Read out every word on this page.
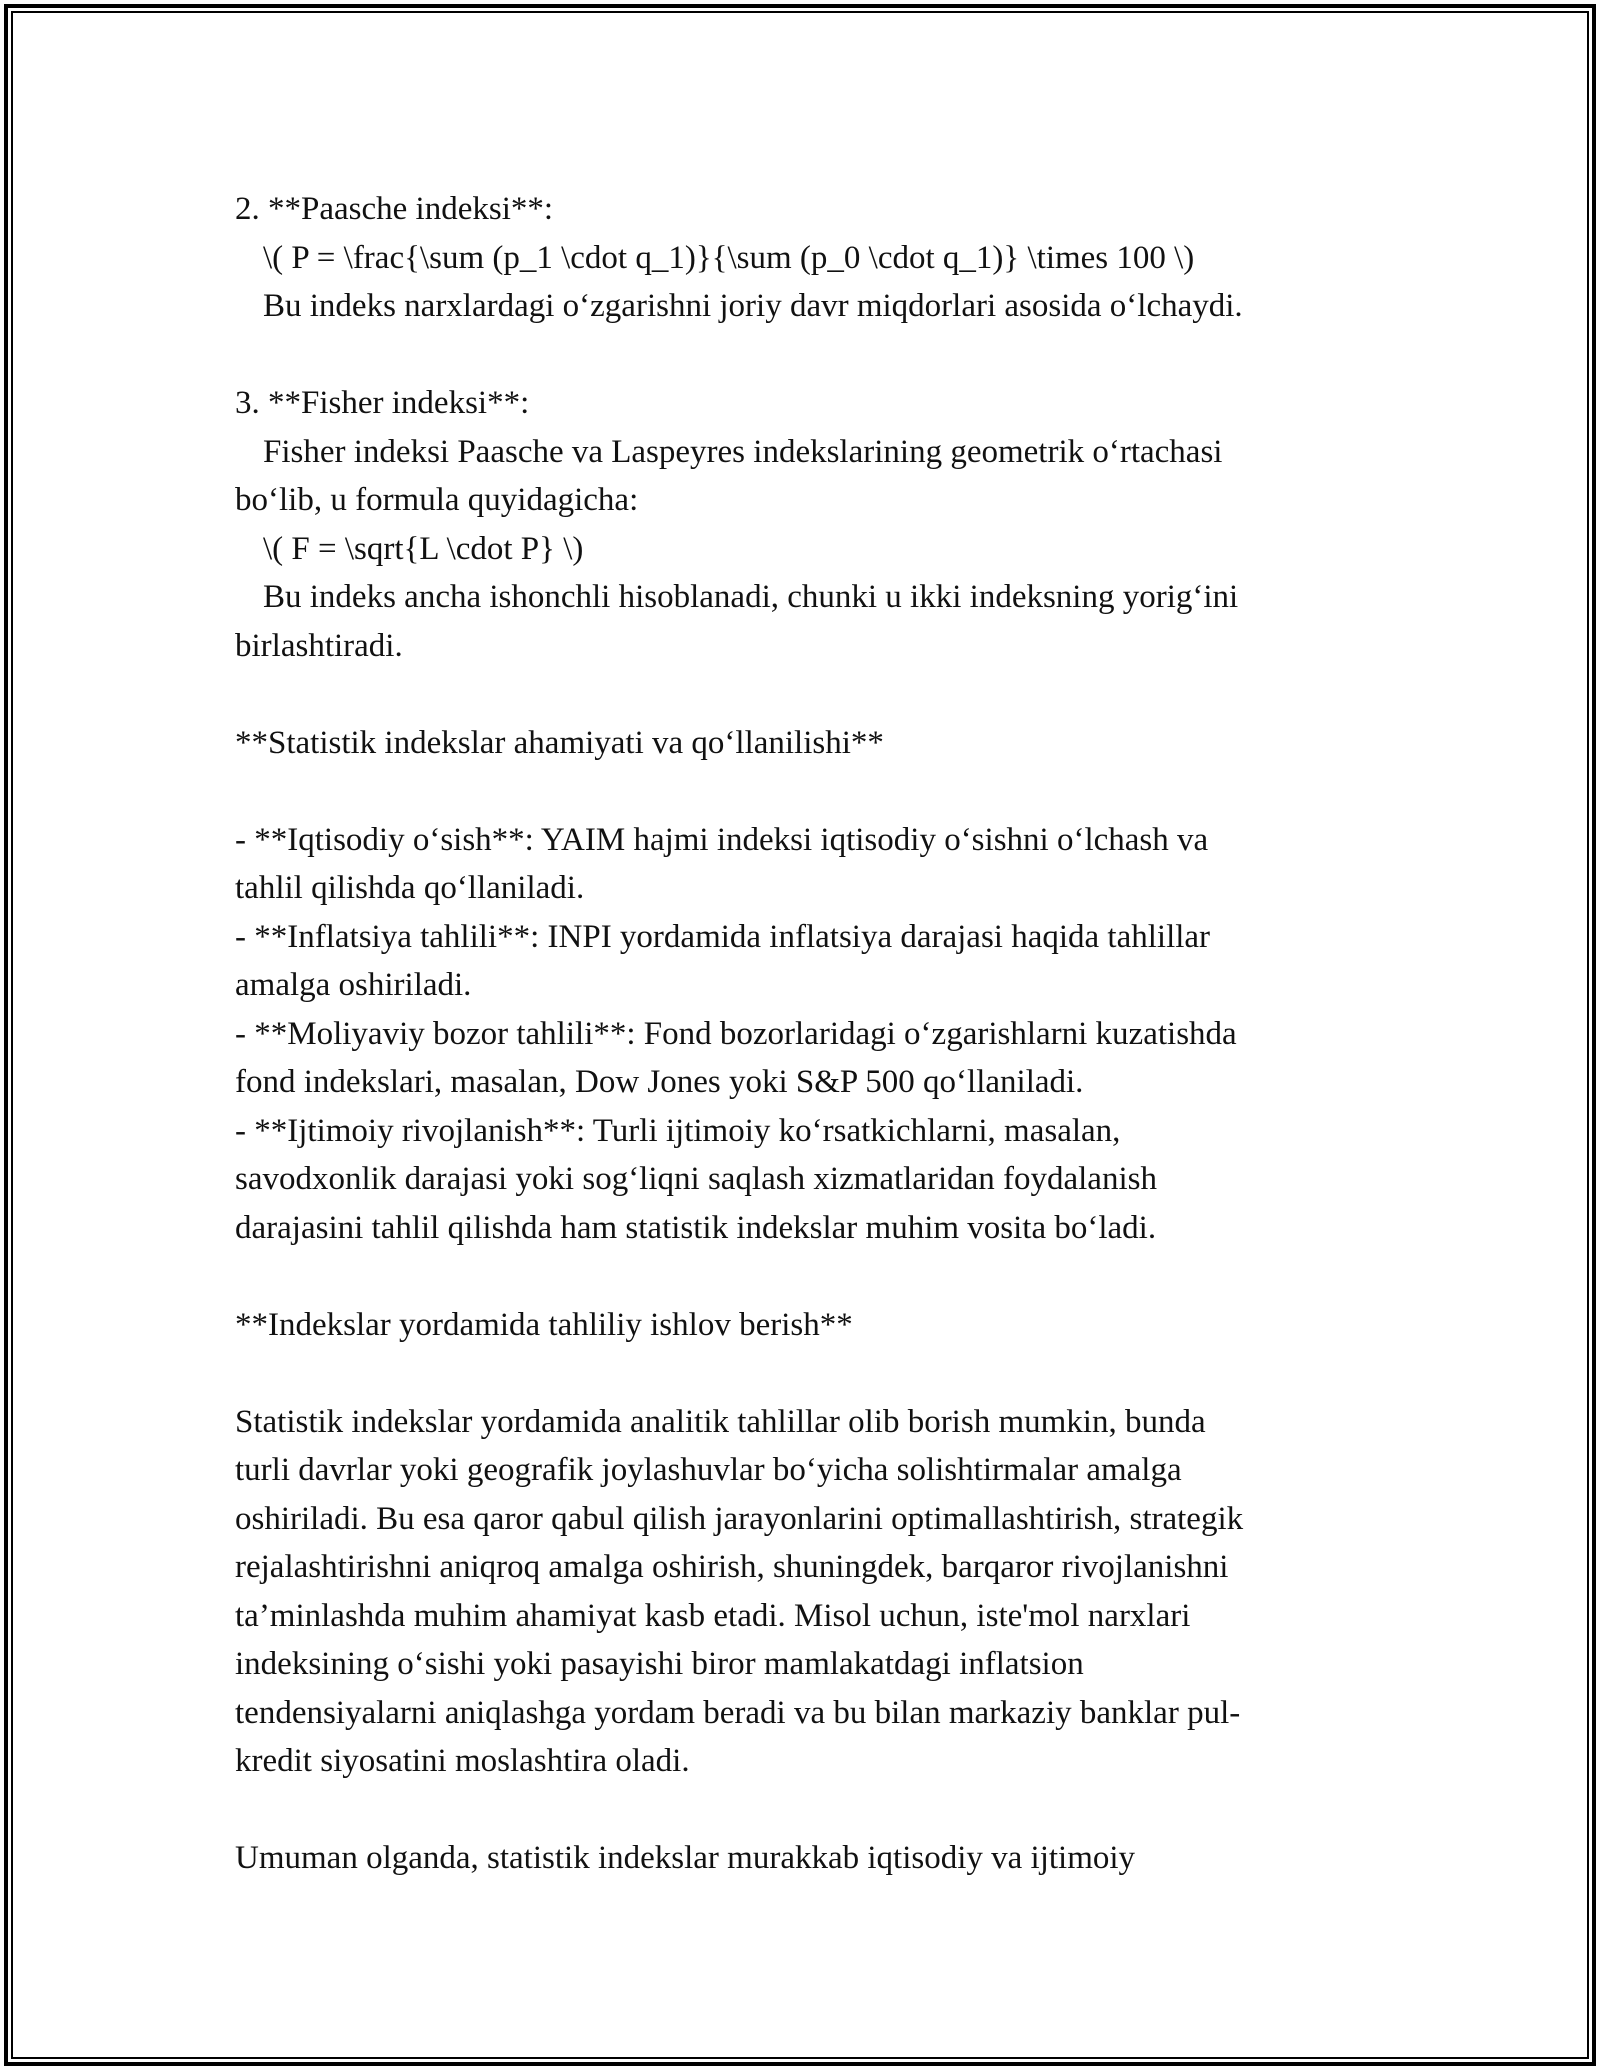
2. **Paasche indeksi**:
\( P = \frac{\sum (p_1 \cdot q_1)}{\sum (p_0 \cdot q_1)} \times 100 \)
Bu indeks narxlardagi o‘zgarishni joriy davr miqdorlari asosida o‘lchaydi.
3. **Fisher indeksi**:
Fisher indeksi Paasche va Laspeyres indekslarining geometrik o‘rtachasi
bo‘lib, u formula quyidagicha:
\( F = \sqrt{L \cdot P} \)
Bu indeks ancha ishonchli hisoblanadi, chunki u ikki indeksning yorig‘ini
birlashtiradi.
**Statistik indekslar ahamiyati va qo‘llanilishi**
- **Iqtisodiy o‘sish**: YAIM hajmi indeksi iqtisodiy o‘sishni o‘lchash va
tahlil qilishda qo‘llaniladi.
- **Inflatsiya tahlili**: INPI yordamida inflatsiya darajasi haqida tahlillar
amalga oshiriladi.
- **Moliyaviy bozor tahlili**: Fond bozorlaridagi o‘zgarishlarni kuzatishda
fond indekslari, masalan, Dow Jones yoki S&P 500 qo‘llaniladi.
- **Ijtimoiy rivojlanish**: Turli ijtimoiy ko‘rsatkichlarni, masalan,
savodxonlik darajasi yoki sog‘liqni saqlash xizmatlaridan foydalanish
darajasini tahlil qilishda ham statistik indekslar muhim vosita bo‘ladi.
**Indekslar yordamida tahliliy ishlov berish**
Statistik indekslar yordamida analitik tahlillar olib borish mumkin, bunda
turli davrlar yoki geografik joylashuvlar bo‘yicha solishtirmalar amalga
oshiriladi. Bu esa qaror qabul qilish jarayonlarini optimallashtirish, strategik
rejalashtirishni aniqroq amalga oshirish, shuningdek, barqaror rivojlanishni
ta’minlashda muhim ahamiyat kasb etadi. Misol uchun, iste'mol narxlari
indeksining o‘sishi yoki pasayishi biror mamlakatdagi inflatsion
tendensiyalarni aniqlashga yordam beradi va bu bilan markaziy banklar pul-
kredit siyosatini moslashtira oladi.
Umuman olganda, statistik indekslar murakkab iqtisodiy va ijtimoiy
